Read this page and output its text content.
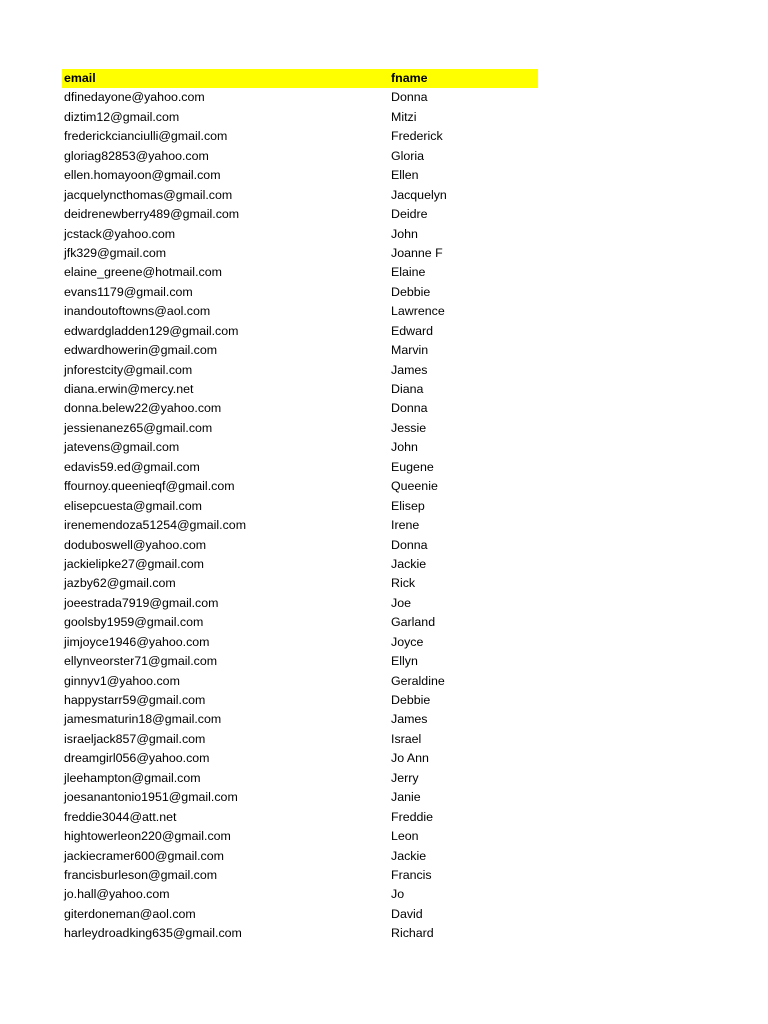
email	fname
dfinedayone@yahoo.com	Donna
diztim12@gmail.com	Mitzi
frederickcianciulli@gmail.com	Frederick
gloriag82853@yahoo.com	Gloria
ellen.homayoon@gmail.com	Ellen
jacquelyncthomas@gmail.com	Jacquelyn
deidrenewberry489@gmail.com	Deidre
jcstack@yahoo.com	John
jfk329@gmail.com	Joanne F
elaine_greene@hotmail.com	Elaine
evans1179@gmail.com	Debbie
inandoutoftowns@aol.com	Lawrence
edwardgladden129@gmail.com	Edward
edwardhowerin@gmail.com	Marvin
jnforestcity@gmail.com	James
diana.erwin@mercy.net	Diana
donna.belew22@yahoo.com	Donna
jessienanez65@gmail.com	Jessie
jatevens@gmail.com	John
edavis59.ed@gmail.com	Eugene
ffournoy.queenieqf@gmail.com	Queenie
elisepcuesta@gmail.com	Elisep
irenemendoza51254@gmail.com	Irene
doduboswell@yahoo.com	Donna
jackielipke27@gmail.com	Jackie
jazby62@gmail.com	Rick
joeestrada7919@gmail.com	Joe
goolsby1959@gmail.com	Garland
jimjoyce1946@yahoo.com	Joyce
ellynveorster71@gmail.com	Ellyn
ginnyv1@yahoo.com	Geraldine
happystarr59@gmail.com	Debbie
jamesmaturin18@gmail.com	James
israeljack857@gmail.com	Israel
dreamgirl056@yahoo.com	Jo Ann
jleehampton@gmail.com	Jerry
joesanantonio1951@gmail.com	Janie
freddie3044@att.net	Freddie
hightowerleon220@gmail.com	Leon
jackiecramer600@gmail.com	Jackie
francisburleson@gmail.com	Francis
jo.hall@yahoo.com	Jo
giterdoneman@aol.com	David
harleydroadking635@gmail.com	Richard
